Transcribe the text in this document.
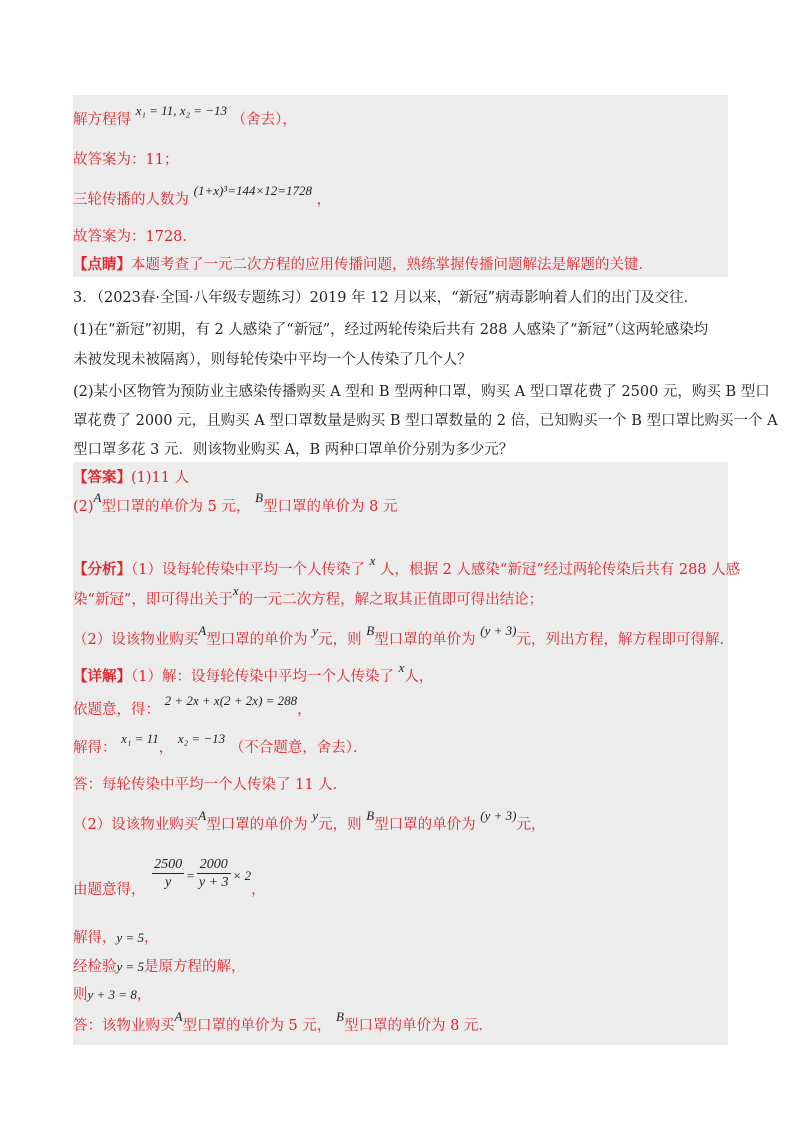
解方程得 x₁ = 11, x₂ = −13 （舍去），
故答案为：11；
三轮传播的人数为 (1+x)³=144×12=1728 ，
故答案为：1728．
【点睛】本题考查了一元二次方程的应用传播问题，熟练掌握传播问题解法是解题的关键．
3．（2023春·全国·八年级专题练习）2019 年 12 月以来，“新冠”病毒影响着人们的出门及交往．
(1)在“新冠”初期，有 2 人感染了“新冠”，经过两轮传染后共有 288 人感染了“新冠”（这两轮感染均
未被发现未被隔离），则每轮传染中平均一个人传染了几个人？
(2)某小区物管为预防业主感染传播购买 A 型和 B 型两种口罩，购买 A 型口罩花费了 2500 元，购买 B 型口
罩花费了 2000 元，且购买 A 型口罩数量是购买 B 型口罩数量的 2 倍，已知购买一个 B 型口罩比购买一个 A
型口罩多花 3 元．则该物业购买 A，B 两种口罩单价分别为多少元？
【答案】(1)11 人
(2)A型口罩的单价为 5 元， B型口罩的单价为 8 元
【分析】（1）设每轮传染中平均一个人传染了 x 人，根据 2 人感染“新冠”经过两轮传染后共有 288 人感
染“新冠”，即可得出关于x的一元二次方程，解之取其正值即可得出结论；
（2）设该物业购买A型口罩的单价为 y元，则 B型口罩的单价为 (y + 3)元，列出方程，解方程即可得解．
【详解】（1）解：设每轮传染中平均一个人传染了 x人，
依题意，得： 2 + 2x + x(2 + 2x) = 288，
解得： x₁ = 11， x₂ = −13 （不合题意，舍去）．
答：每轮传染中平均一个人传染了 11 人．
（2）设该物业购买A型口罩的单价为 y元，则 B型口罩的单价为 (y + 3)元，
由题意得， $\frac{2500}{y} = \frac{2000}{y + 3} \times 2$，
解得，y = 5，
经检验y = 5是原方程的解，
则y + 3 = 8，
答：该物业购买A型口罩的单价为 5 元， B型口罩的单价为 8 元．
